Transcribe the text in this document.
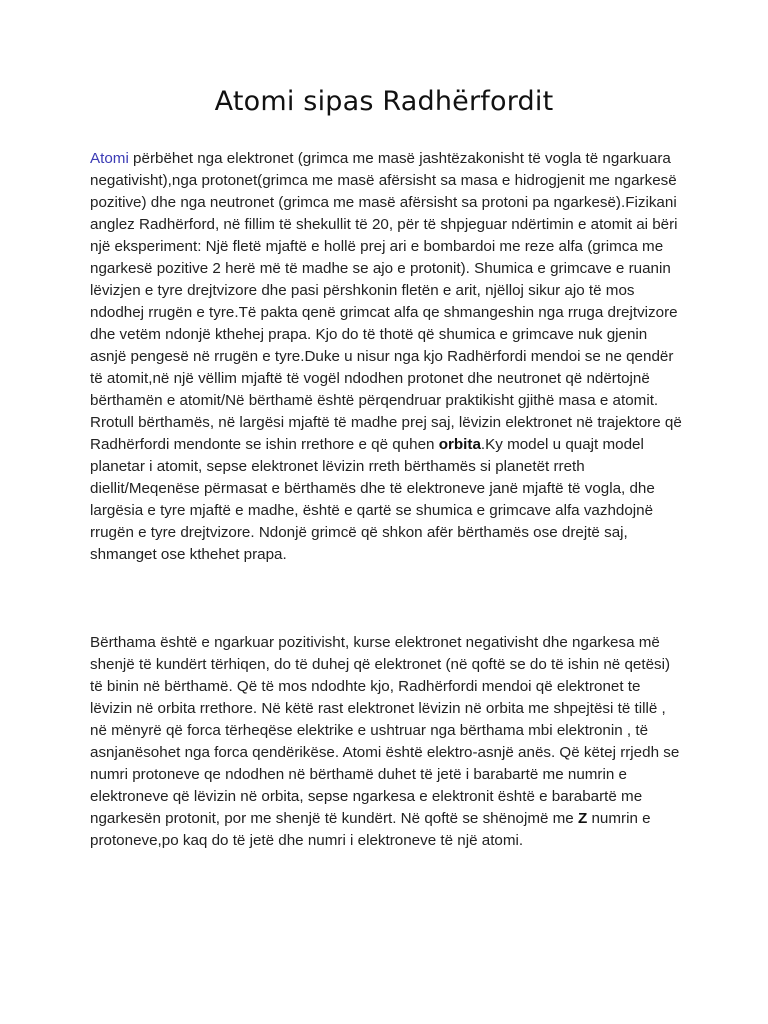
Atomi sipas Radhërfordit

Atomi përbëhet nga elektronet (grimca me masë jashtëzakonisht të vogla të ngarkuara negativisht),nga protonet(grimca me masë afërsisht sa masa e hidrogjenit me ngarkesë pozitive) dhe nga neutronet (grimca me masë afërsisht sa protoni pa ngarkesë).Fizikani anglez Radhërford, në fillim të shekullit të 20, për të shpjeguar ndërtimin e atomit ai bëri një eksperiment: Një fletë mjaftë e hollë prej ari e bombardoi me reze alfa (grimca me ngarkesë pozitive 2 herë më të madhe se ajo e protonit). Shumica e grimcave e ruanin lëvizjen e tyre drejtvizore dhe pasi përshkonin fletën e arit, njëlloj sikur ajo të mos ndodhej rrugën e tyre.Të pakta qenë grimcat alfa qe shmangeshin nga rruga drejtvizore dhe vetëm ndonjë kthehej prapa. Kjo do të thotë që shumica e grimcave nuk gjenin asnjë pengesë në rrugën e tyre.Duke u nisur nga kjo Radhërfordi mendoi se ne qendër të atomit,në një vëllim mjaftë të vogël ndodhen protonet dhe neutronet që ndërtojnë bërthamën e atomit/Në bërthamë është përqendruar praktikisht gjithë masa e atomit. Rrotull bërthamës, në largësi mjaftë të madhe prej saj, lëvizin elektronet në trajektore që Radhërfordi mendonte se ishin rrethore e që quhen orbita.Ky model u quajt model planetar i atomit, sepse elektronet lëvizin rreth bërthamës si planetët rreth diellit/Meqenëse përmasat e bërthamës dhe të elektroneve janë mjaftë të vogla, dhe largësia e tyre mjaftë e madhe, është e qartë se shumica e grimcave alfa vazhdojnë rrugën e tyre drejtvizore. Ndonjë grimcë që shkon afër bërthamës ose drejtë saj, shmanget ose kthehet prapa.

Bërthama është e ngarkuar pozitivisht, kurse elektronet negativisht dhe ngarkesa më shenjë të kundërt tërhiqen, do të duhej që elektronet (në qoftë se do të ishin në qetësi) të binin në bërthamë. Që të mos ndodhte kjo, Radhërfordi mendoi që elektronet te lëvizin në orbita rrethore. Në këtë rast elektronet lëvizin në orbita me shpejtësi të tillë , në mënyrë që forca tërheqëse elektrike e ushtruar nga bërthama mbi elektronin , të asnjanësohet nga forca qendërikëse. Atomi është elektro-asnjë anës. Që këtej rrjedh se numri protoneve qe ndodhen në bërthamë duhet të jetë i barabartë me numrin e elektroneve që lëvizin në orbita, sepse ngarkesa e elektronit është e barabartë me ngarkesën protonit, por me shenjë të kundërt. Në qoftë se shënojmë me Z numrin e protoneve,po kaq do të jetë dhe numri i elektroneve të një atomi.
